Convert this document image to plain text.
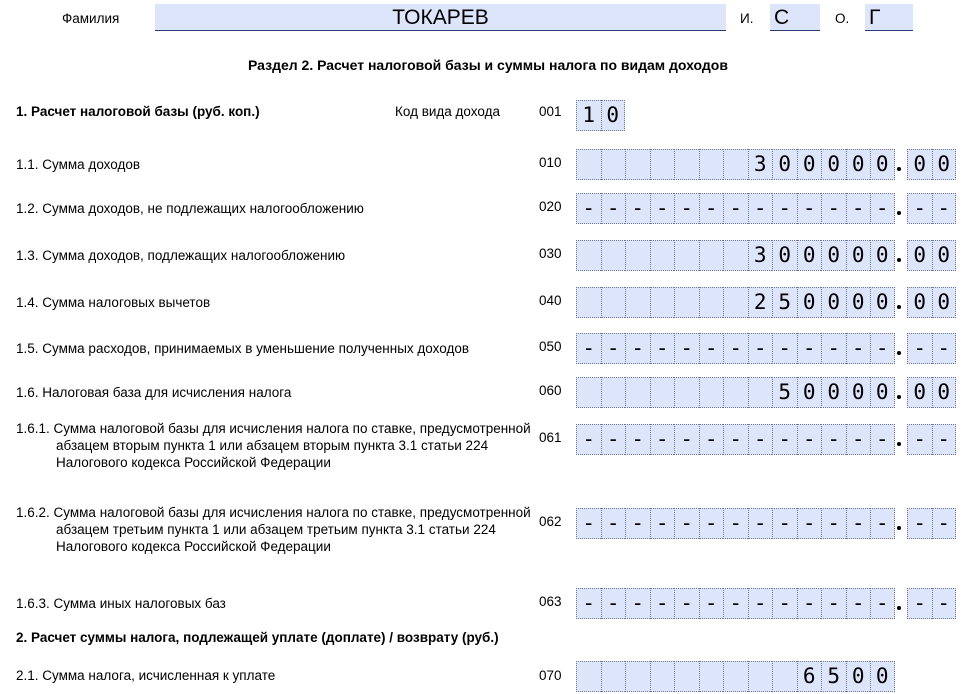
Фамилия	ТОКАРЕВ	И. С	О. Г
Раздел 2. Расчет налоговой базы и суммы налога по видам доходов
1. Расчет налоговой базы (руб. коп.)	Код вида дохода	001 1 0
1.1. Сумма доходов	010	3 0 0 0 0 0	0 0
1.2. Сумма доходов, не подлежащих налогообложению	020 - - - - - - - - - - - - -	- -
1.3. Сумма доходов, подлежащих налогообложению	030	3 0 0 0 0 0	0 0
1.4. Сумма налоговых вычетов	040	2 5 0 0 0 0	0 0
1.5. Сумма расходов, принимаемых в уменьшение полученных доходов	050 - - - - - - - - - - - - -	- -
1.6. Налоговая база для исчисления налога	060	5 0 0 0 0	0 0
1.6.1. Сумма налоговой базы для исчисления налога по ставке, предусмотренной абзацем вторым пункта 1 или абзацем вторым пункта 3.1 статьи 224 Налогового кодекса Российской Федерации
061 - - - - - - - - - - - - -	- -
1.6.2. Сумма налоговой базы для исчисления налога по ставке, предусмотренной абзацем третьим пункта 1 или абзацем третьим пункта 3.1 статьи 224 Налогового кодекса Российской Федерации
062 - - - - - - - - - - - - -	- -
1.6.3. Сумма иных налоговых баз	063 - - - - - - - - - - - - -	- -
2. Расчет суммы налога, подлежащей уплате (доплате) / возврату (руб.)
2.1. Сумма налога, исчисленная к уплате	070	6 5 0 0
